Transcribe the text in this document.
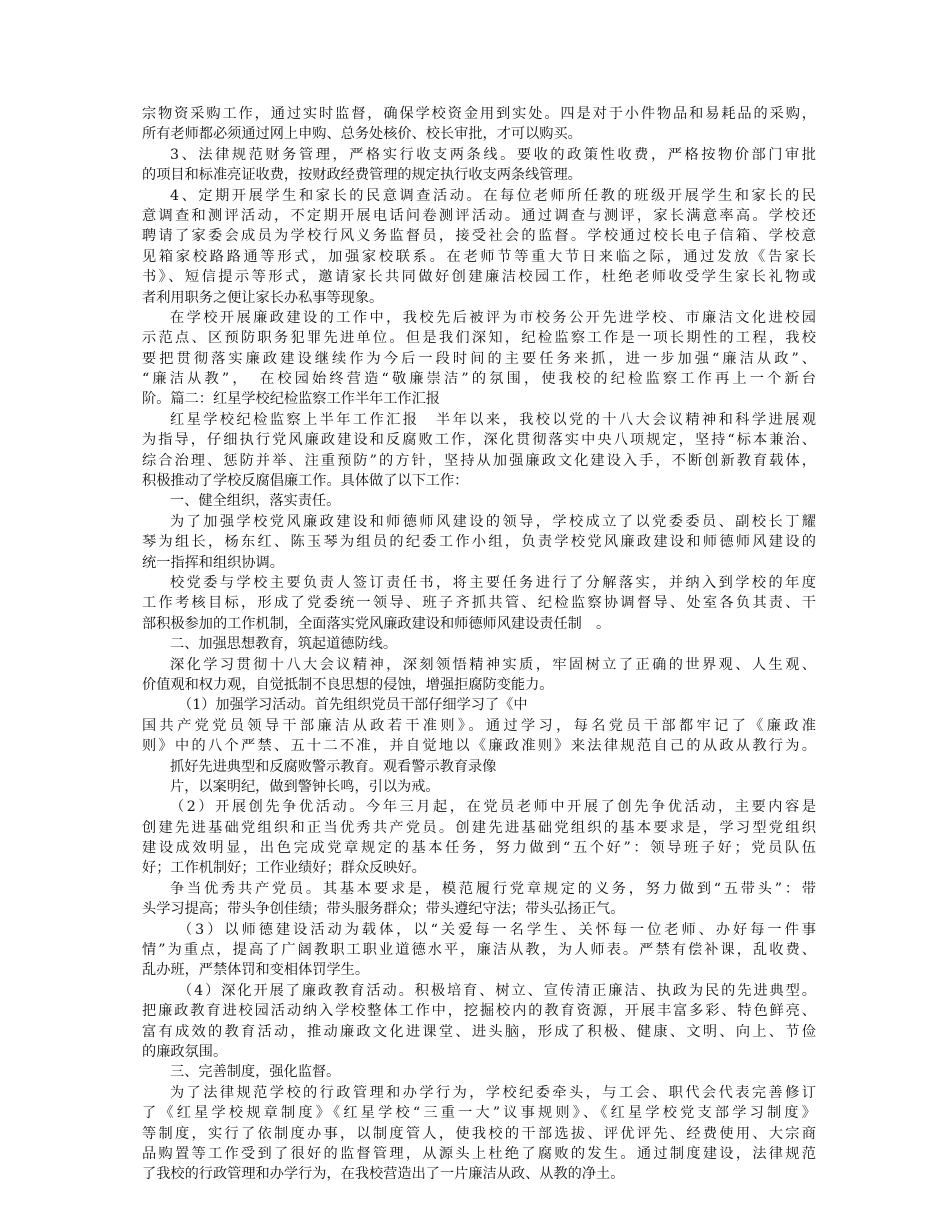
宗物资采购工作，通过实时监督，确保学校资金用到实处。四是对于小件物品和易耗品的采购，
所有老师都必须通过网上申购、总务处核价、校长审批，才可以购买。
3、法律规范财务管理，严格实行收支两条线。要收的政策性收费，严格按物价部门审批
的项目和标准亮证收费，按财政经费管理的规定执行收支两条线管理。
4、定期开展学生和家长的民意调查活动。在每位老师所任教的班级开展学生和家长的民
意调查和测评活动，不定期开展电话问卷测评活动。通过调查与测评，家长满意率高。学校还
聘请了家委会成员为学校行风义务监督员，接受社会的监督。学校通过校长电子信箱、学校意
见箱家校路路通等形式，加强家校联系。在老师节等重大节日来临之际，通过发放《告家长
书》、短信提示等形式，邀请家长共同做好创建廉洁校园工作，杜绝老师收受学生家长礼物或
者利用职务之便让家长办私事等现象。
在学校开展廉政建设的工作中，我校先后被评为市校务公开先进学校、市廉洁文化进校园
示范点、区预防职务犯罪先进单位。但是我们深知，纪检监察工作是一项长期性的工程，我校
要把贯彻落实廉政建设继续作为今后一段时间的主要任务来抓，进一步加强“廉洁从政”、
“廉洁从教”，　在校园始终营造“敬廉崇洁”的氛围，使我校的纪检监察工作再上一个新台
阶。篇二：红星学校纪检监察工作半年工作汇报
红星学校纪检监察上半年工作汇报　半年以来，我校以党的十八大会议精神和科学进展观
为指导，仔细执行党风廉政建设和反腐败工作，深化贯彻落实中央八项规定，坚持“标本兼治、
综合治理、惩防并举、注重预防”的方针，坚持从加强廉政文化建设入手，不断创新教育载体，
积极推动了学校反腐倡廉工作。具体做了以下工作：
一、健全组织，落实责任。
为了加强学校党风廉政建设和师德师风建设的领导，学校成立了以党委委员、副校长丁耀
琴为组长，杨东红、陈玉琴为组员的纪委工作小组，负责学校党风廉政建设和师德师风建设的
统一指挥和组织协调。
校党委与学校主要负责人签订责任书，将主要任务进行了分解落实，并纳入到学校的年度
工作考核目标，形成了党委统一领导、班子齐抓共管、纪检监察协调督导、处室各负其责、干
部积极参加的工作机制，全面落实党风廉政建设和师德师风建设责任制　。
二、加强思想教育，筑起道德防线。
深化学习贯彻十八大会议精神，深刻领悟精神实质，牢固树立了正确的世界观、人生观、
价值观和权力观，自觉抵制不良思想的侵蚀，增强拒腐防变能力。
（1）加强学习活动。首先组织党员干部仔细学习了《中
国共产党党员领导干部廉洁从政若干准则》。通过学习，每名党员干部都牢记了《廉政准
则》中的八个严禁、五十二不准，并自觉地以《廉政准则》来法律规范自己的从政从教行为。
抓好先进典型和反腐败警示教育。观看警示教育录像
片，以案明纪，做到警钟长鸣，引以为戒。
（2）开展创先争优活动。今年三月起，在党员老师中开展了创先争优活动，主要内容是
创建先进基础党组织和正当优秀共产党员。创建先进基础党组织的基本要求是，学习型党组织
建设成效明显，出色完成党章规定的基本任务，努力做到“五个好”：领导班子好；党员队伍
好；工作机制好；工作业绩好；群众反映好。
争当优秀共产党员。其基本要求是，模范履行党章规定的义务，努力做到“五带头”：带
头学习提高；带头争创佳绩；带头服务群众；带头遵纪守法；带头弘扬正气。
（3）以师德建设活动为载体，以“关爱每一名学生、关怀每一位老师、办好每一件事
情”为重点，提高了广阔教职工职业道德水平，廉洁从教，为人师表。严禁有偿补课，乱收费、
乱办班，严禁体罚和变相体罚学生。
（4）深化开展了廉政教育活动。积极培育、树立、宣传清正廉洁、执政为民的先进典型。
把廉政教育进校园活动纳入学校整体工作中，挖掘校内的教育资源，开展丰富多彩、特色鲜亮、
富有成效的教育活动，推动廉政文化进课堂、进头脑，形成了积极、健康、文明、向上、节俭
的廉政氛围。
三、完善制度，强化监督。
为了法律规范学校的行政管理和办学行为，学校纪委牵头，与工会、职代会代表完善修订
了《红星学校规章制度》《红星学校“三重一大”议事规则》、《红星学校党支部学习制度》
等制度，实行了依制度办事，以制度管人，使我校的干部选拔、评优评先、经费使用、大宗商
品购置等工作受到了很好的监督管理，从源头上杜绝了腐败的发生。通过制度建设，法律规范
了我校的行政管理和办学行为，在我校营造出了一片廉洁从政、从教的净土。
